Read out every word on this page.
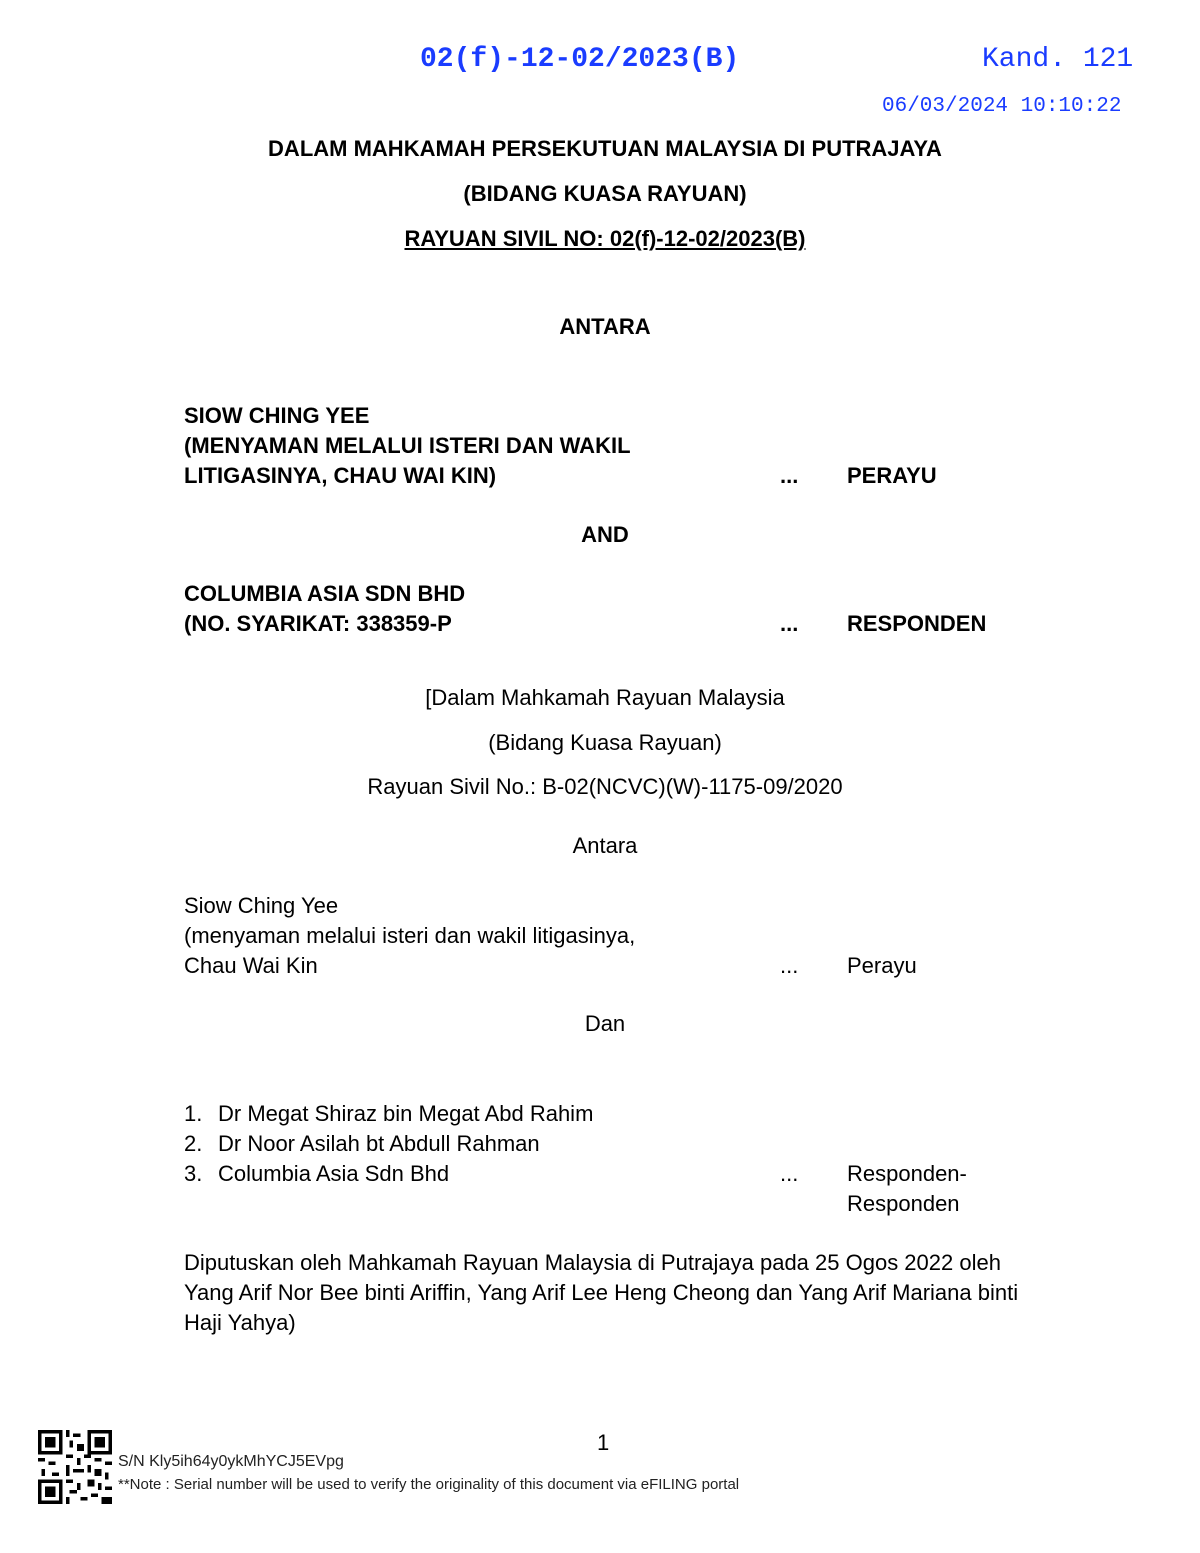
02(f)-12-02/2023(B)	Kand. 121
06/03/2024 10:10:22
DALAM MAHKAMAH PERSEKUTUAN MALAYSIA DI PUTRAJAYA
(BIDANG KUASA RAYUAN)
RAYUAN SIVIL NO: 02(f)-12-02/2023(B)
ANTARA
SIOW CHING YEE
(MENYAMAN MELALUI ISTERI DAN WAKIL
LITIGASINYA, CHAU WAI KIN)	... PERAYU
AND
COLUMBIA ASIA SDN BHD
(NO. SYARIKAT: 338359-P	... RESPONDEN
[Dalam Mahkamah Rayuan Malaysia
(Bidang Kuasa Rayuan)
Rayuan Sivil No.: B-02(NCVC)(W)-1175-09/2020
Antara
Siow Ching Yee
(menyaman melalui isteri dan wakil litigasinya,
Chau Wai Kin	... Perayu
Dan
1. Dr Megat Shiraz bin Megat Abd Rahim
2. Dr Noor Asilah bt Abdull Rahman
3. Columbia Asia Sdn Bhd	... Responden-
Responden
Diputuskan oleh Mahkamah Rayuan Malaysia di Putrajaya pada 25 Ogos 2022 oleh Yang Arif Nor Bee binti Ariffin, Yang Arif Lee Heng Cheong dan Yang Arif Mariana binti Haji Yahya)
1
S/N Kly5ih64y0ykMhYCJ5EVpg
**Note : Serial number will be used to verify the originality of this document via eFILING portal
